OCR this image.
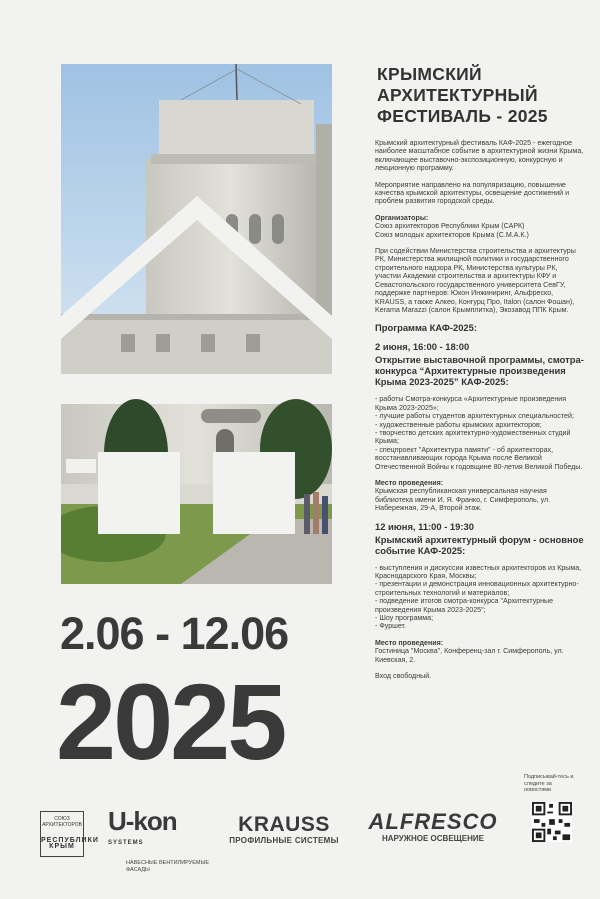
2.06 - 12.06
2025
КРЫМСКИЙ
АРХИТЕКТУРНЫЙ
ФЕСТИВАЛЬ - 2025
Крымский архитектурный фестиваль КАФ-2025 - ежегодное наиболее масштабное событие в архитектурной жизни Крыма, включающее выставочно-экспозиционную, конкурсную и лекционную программу.
Мероприятие направлено на популяризацию, повышение качества крымской архитектуры, освещение достижений и проблем развития городской среды.
Организаторы:
Союз архитекторов Республики Крым (САРК)
Союз молодых архитекторов Крыма (С.М.А.К.)
При содействии Министерства строительства и архитектуры РК, Министерства жилищной политики и государственного строительного надзора РК, Министерства культуры РК, участии Академии строительства и архитектуры КФУ и Севастопольского государственного университета СевГУ, поддержке партнеров: Юкон Инжиниринг, Альфреско, KRAUSS, а также Алкео, Конгурц Про, Italon (салон Фошан), Kerama Marazzi (салон Крымплитка), Экозавод ППК Крым.
Программа КАФ-2025:
2 июня, 16:00 - 18:00
Открытие выставочной программы, смотра-конкурса “Архитектурные произведения Крыма 2023-2025” КАФ-2025:
- работы Смотра-конкурса «Архитектурные произведения Крыма 2023-2025»;
- лучшие работы студентов архитектурных специальностей;
- художественные работы крымских архитекторов;
- творчество детских архитектурно-художественных студий Крыма;
- спецпроект "Архитектура памяти" - об архитекторах, восстанавливающих города Крыма после Великой Отечественной Войны к годовщине 80-летия Великой Победы.
Место проведения:
Крымская республиканская универсальная научная библиотека имени И. Я. Франко, г. Симферополь, ул. Набережная, 29-А, Второй этаж.
12 июня, 11:00 - 19:30
Крымский архитектурный форум - основное событие КАФ-2025:
- выступления и дискуссии известных архитекторов из Крыма, Краснодарского Края, Москвы;
- презентации и демонстрация инновационных архитектурно-строительных технологий и материалов;
- подведение итогов смотра-конкурса "Архитектурные произведения Крыма 2023-2025";
- Шоу программа;
- Фуршет.
Место проведения:
Гостиница "Москва", Конференц-зал г. Симферополь, ул. Киевская, 2.
Вход свободный.
СОЮЗ АРХИТЕКТОРОВ
РЕСПУБЛИКИ КРЫМ
U-kon $^{SYSTEMS}$
НАВЕСНЫЕ ВЕНТИЛИРУЕМЫЕ ФАСАДЫ
KRAUSS
ПРОФИЛЬНЫЕ СИСТЕМЫ
ALFRESCO
НАРУЖНОЕ ОСВЕЩЕНИЕ
Подписывай-тесь и следите за новостями
